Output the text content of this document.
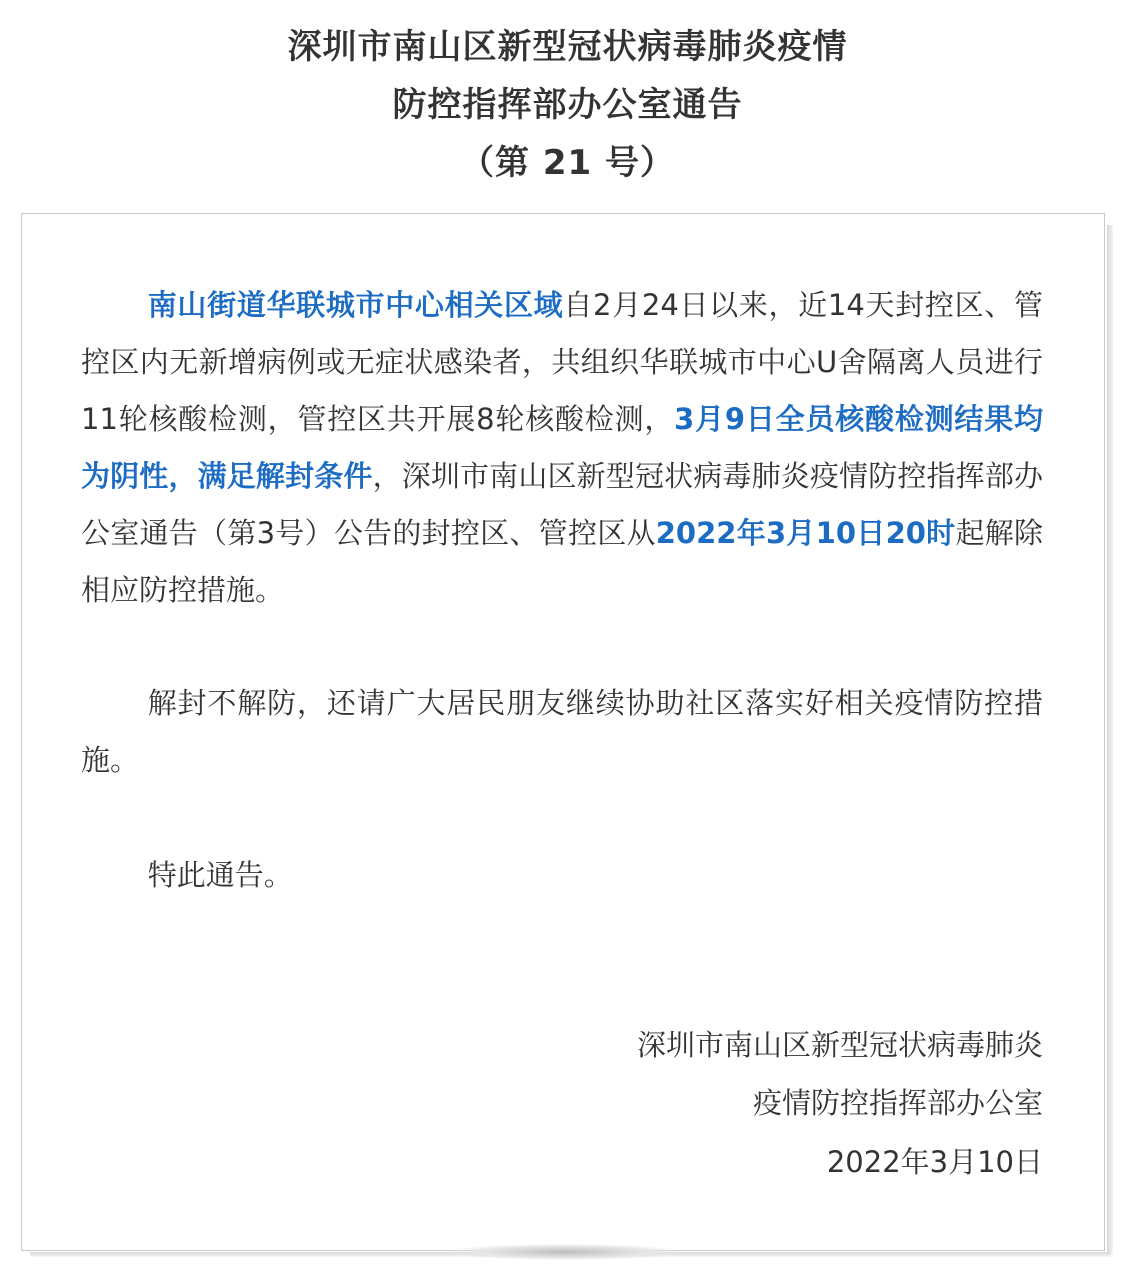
深圳市南山区新型冠状病毒肺炎疫情
防控指挥部办公室通告
（第 21 号）
南山街道华联城市中心相关区域自2月24日以来，近14天封控区、管控区内无新增病例或无症状感染者，共组织华联城市中心U舍隔离人员进行11轮核酸检测，管控区共开展8轮核酸检测，3月9日全员核酸检测结果均为阴性，满足解封条件，深圳市南山区新型冠状病毒肺炎疫情防控指挥部办公室通告（第3号）公告的封控区、管控区从2022年3月10日20时起解除相应防控措施。
解封不解防，还请广大居民朋友继续协助社区落实好相关疫情防控措施。
特此通告。
深圳市南山区新型冠状病毒肺炎
疫情防控指挥部办公室
2022年3月10日
